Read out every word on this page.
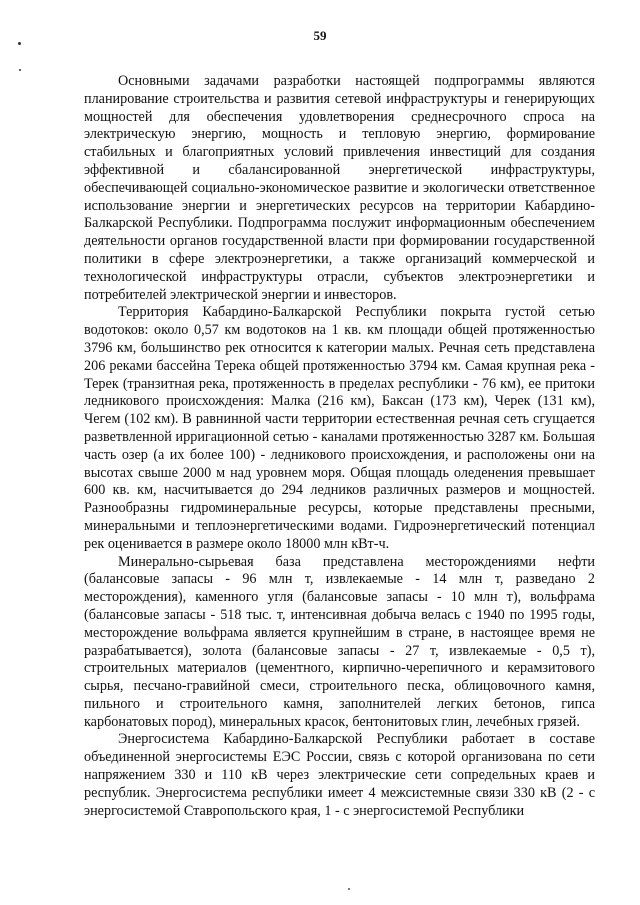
59

Основными задачами разработки настоящей подпрограммы являются планирование строительства и развития сетевой инфраструктуры и генерирующих мощностей для обеспечения удовлетворения среднесрочного спроса на электрическую энергию, мощность и тепловую энергию, формирование стабильных и благоприятных условий привлечения инвестиций для создания эффективной и сбалансированной энергетической инфраструктуры, обеспечивающей социально-экономическое развитие и экологически ответственное использование энергии и энергетических ресурсов на территории Кабардино-Балкарской Республики. Подпрограмма послужит информационным обеспечением деятельности органов государственной власти при формировании государственной политики в сфере электроэнергетики, а также организаций коммерческой и технологической инфраструктуры отрасли, субъектов электроэнергетики и потребителей электрической энергии и инвесторов.

Территория Кабардино-Балкарской Республики покрыта густой сетью водотоков: около 0,57 км водотоков на 1 кв. км площади общей протяженностью 3796 км, большинство рек относится к категории малых. Речная сеть представлена 206 реками бассейна Терека общей протяженностью 3794 км. Самая крупная река - Терек (транзитная река, протяженность в пределах республики - 76 км), ее притоки ледникового происхождения: Малка (216 км), Баксан (173 км), Черек (131 км), Чегем (102 км). В равнинной части территории естественная речная сеть сгущается разветвленной ирригационной сетью - каналами протяженностью 3287 км. Большая часть озер (а их более 100) - ледникового происхождения, и расположены они на высотах свыше 2000 м над уровнем моря. Общая площадь оледенения превышает 600 кв. км, насчитывается до 294 ледников различных размеров и мощностей. Разнообразны гидроминеральные ресурсы, которые представлены пресными, минеральными и теплоэнергетическими водами. Гидроэнергетический потенциал рек оценивается в размере около 18000 млн кВт-ч.

Минерально-сырьевая база представлена месторождениями нефти (балансовые запасы - 96 млн т, извлекаемые - 14 млн т, разведано 2 месторождения), каменного угля (балансовые запасы - 10 млн т), вольфрама (балансовые запасы - 518 тыс. т, интенсивная добыча велась с 1940 по 1995 годы, месторождение вольфрама является крупнейшим в стране, в настоящее время не разрабатывается), золота (балансовые запасы - 27 т, извлекаемые - 0,5 т), строительных материалов (цементного, кирпично-черепичного и керамзитового сырья, песчано-гравийной смеси, строительного песка, облицовочного камня, пильного и строительного камня, заполнителей легких бетонов, гипса карбонатовых пород), минеральных красок, бентонитовых глин, лечебных грязей.

Энергосистема Кабардино-Балкарской Республики работает в составе объединенной энергосистемы ЕЭС России, связь с которой организована по сети напряжением 330 и 110 кВ через электрические сети сопредельных краев и республик. Энергосистема республики имеет 4 межсистемные связи 330 кВ (2 - с энергосистемой Ставропольского края, 1 - с энергосистемой Республики
